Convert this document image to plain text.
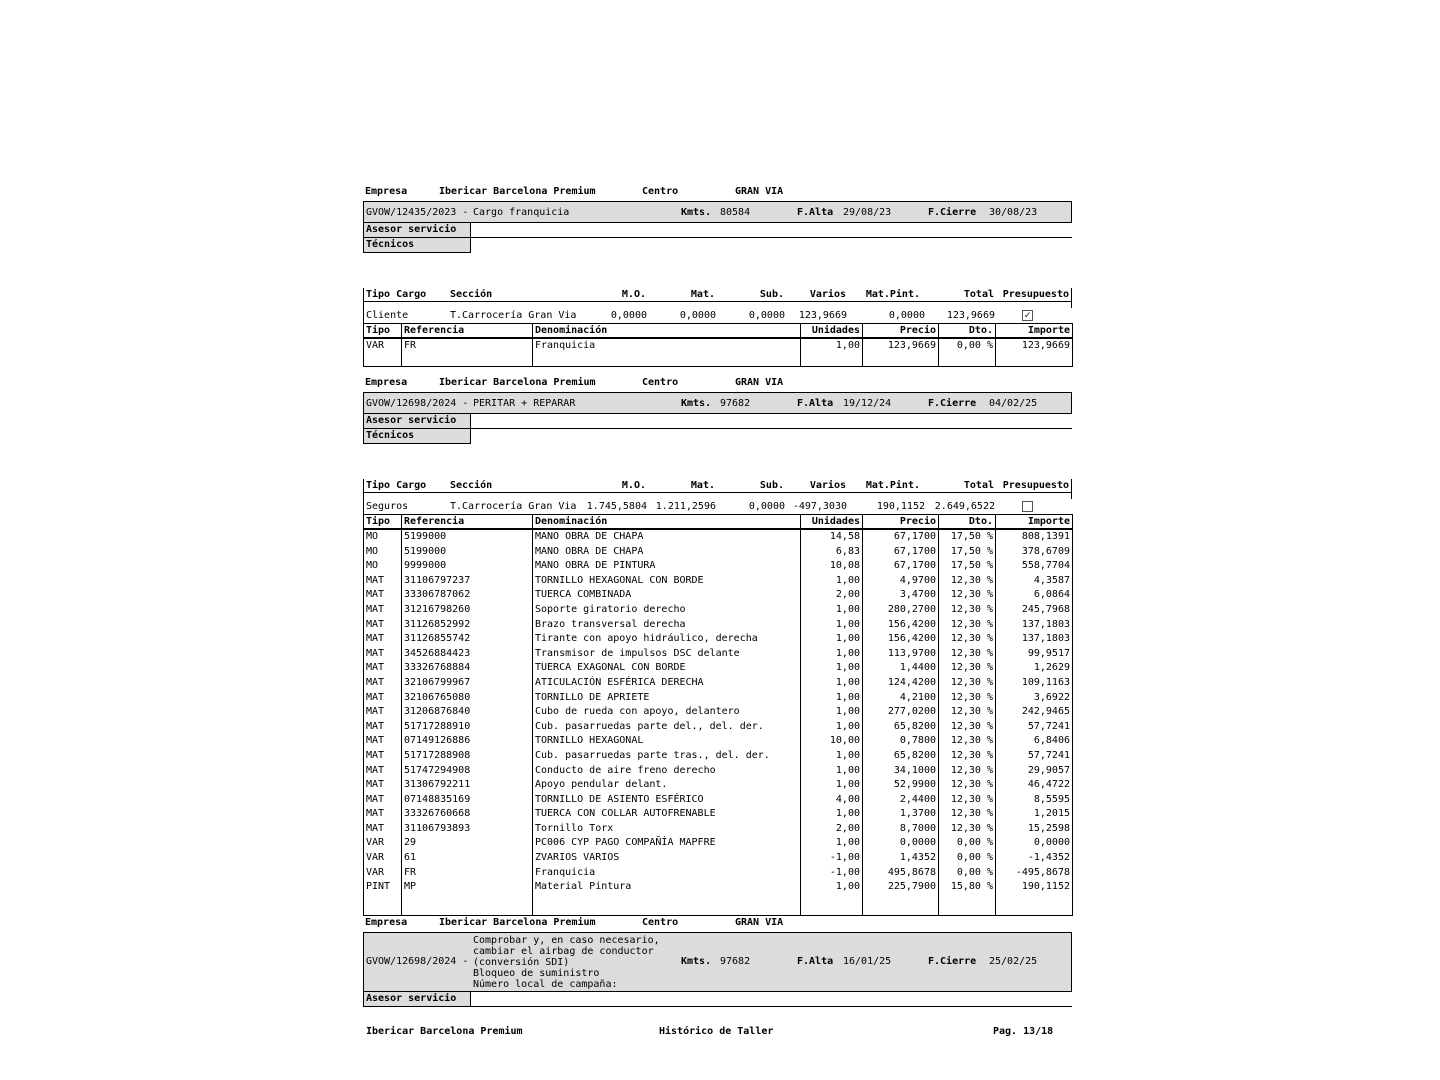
Empresa	Ibericar Barcelona Premium	Centro	GRAN VIA
GVOW/12435/2023 - Cargo franquicia	Kmts. 80584	F.Alta 29/08/23	F.Cierre 30/08/23
Asesor servicio
Técnicos
Tipo Cargo Sección	M.O.	Mat.	Sub.	Varios Mat.Pint.	Total Presupuesto
Cliente	T.Carrocería Gran Via	0,0000	0,0000	0,0000 123,9669	0,0000 123,9669	✓
Tipo	Referencia	Denominación	Unidades	Precio	Dto.	Importe
VAR	FR	Franquicia	1,00	123,9669	0,00 %	123,9669

Empresa	Ibericar Barcelona Premium	Centro	GRAN VIA
GVOW/12698/2024 - PERITAR + REPARAR	Kmts. 97682	F.Alta 19/12/24	F.Cierre 04/02/25
Asesor servicio
Técnicos
Tipo Cargo Sección	M.O.	Mat.	Sub.	Varios Mat.Pint.	Total Presupuesto
Seguros	T.Carrocería Gran Via 1.745,5804 1.211,2596	0,0000 -497,3030	190,1152 2.649,6522
Tipo	Referencia	Denominación	Unidades	Precio	Dto.	Importe
MO	5199000	MANO OBRA DE CHAPA	14,58	67,1700	17,50 %	808,1391
MO	5199000	MANO OBRA DE CHAPA	6,83	67,1700	17,50 %	378,6709
MO	9999000	MANO OBRA DE PINTURA	10,08	67,1700	17,50 %	558,7704
MAT	31106797237	TORNILLO HEXAGONAL CON BORDE	1,00	4,9700	12,30 %	4,3587
MAT	33306787062	TUERCA COMBINADA	2,00	3,4700	12,30 %	6,0864
MAT	31216798260	Soporte giratorio derecho	1,00	280,2700	12,30 %	245,7968
MAT	31126852992	Brazo transversal derecha	1,00	156,4200	12,30 %	137,1803
MAT	31126855742	Tirante con apoyo hidráulico, derecha	1,00	156,4200	12,30 %	137,1803
MAT	34526884423	Transmisor de impulsos DSC delante	1,00	113,9700	12,30 %	99,9517
MAT	33326768884	TUERCA EXAGONAL CON BORDE	1,00	1,4400	12,30 %	1,2629
MAT	32106799967	ATICULACIÓN ESFÉRICA DERECHA	1,00	124,4200	12,30 %	109,1163
MAT	32106765080	TORNILLO DE APRIETE	1,00	4,2100	12,30 %	3,6922
MAT	31206876840	Cubo de rueda con apoyo, delantero	1,00	277,0200	12,30 %	242,9465
MAT	51717288910	Cub. pasarruedas parte del., del. der.	1,00	65,8200	12,30 %	57,7241
MAT	07149126886	TORNILLO HEXAGONAL	10,00	0,7800	12,30 %	6,8406
MAT	51717288908	Cub. pasarruedas parte tras., del. der.	1,00	65,8200	12,30 %	57,7241
MAT	51747294908	Conducto de aire freno derecho	1,00	34,1000	12,30 %	29,9057
MAT	31306792211	Apoyo pendular delant.	1,00	52,9900	12,30 %	46,4722
MAT	07148835169	TORNILLO DE ASIENTO ESFÉRICO	4,00	2,4400	12,30 %	8,5595
MAT	33326760668	TUERCA CON COLLAR AUTOFRENABLE	1,00	1,3700	12,30 %	1,2015
MAT	31106793893	Tornillo Torx	2,00	8,7000	12,30 %	15,2598
VAR	29	PC006 CYP PAGO COMPAÑÍA MAPFRE	1,00	0,0000	0,00 %	0,0000
VAR	61	ZVARIOS VARIOS	-1,00	1,4352	0,00 %	-1,4352
VAR	FR	Franquicia	-1,00	495,8678	0,00 %	-495,8678
PINT	MP	Material Pintura	1,00	225,7900	15,80 %	190,1152

Empresa	Ibericar Barcelona Premium	Centro	GRAN VIA
GVOW/12698/2024 -
Comprobar y, en caso necesario,
cambiar el airbag de conductor
(conversión SDI)
Bloqueo de suministro
Número local de campaña:
Kmts. 97682	F.Alta 16/01/25	F.Cierre 25/02/25
Asesor servicio
Ibericar Barcelona Premium	Histórico de Taller	Pag. 13/18
